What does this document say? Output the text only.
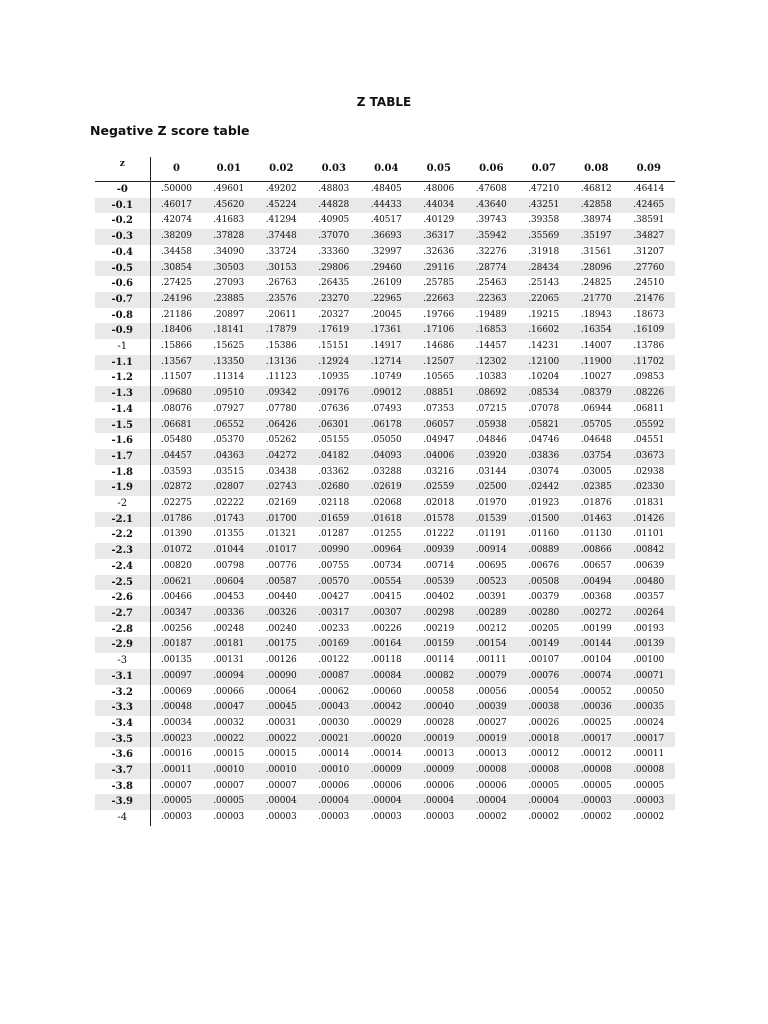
Z TABLE
Negative Z score table
z	0	0.01	0.02	0.03	0.04	0.05	0.06	0.07	0.08	0.09
-0	.50000	.49601	.49202	.48803	.48405	.48006	.47608	.47210	.46812	.46414
-0.1	.46017	.45620	.45224	.44828	.44433	.44034	.43640	.43251	.42858	.42465
-0.2	.42074	.41683	.41294	.40905	.40517	.40129	.39743	.39358	.38974	.38591
-0.3	.38209	.37828	.37448	.37070	.36693	.36317	.35942	.35569	.35197	.34827
-0.4	.34458	.34090	.33724	.33360	.32997	.32636	.32276	.31918	.31561	.31207
-0.5	.30854	.30503	.30153	.29806	.29460	.29116	.28774	.28434	.28096	.27760
-0.6	.27425	.27093	.26763	.26435	.26109	.25785	.25463	.25143	.24825	.24510
-0.7	.24196	.23885	.23576	.23270	.22965	.22663	.22363	.22065	.21770	.21476
-0.8	.21186	.20897	.20611	.20327	.20045	.19766	.19489	.19215	.18943	.18673
-0.9	.18406	.18141	.17879	.17619	.17361	.17106	.16853	.16602	.16354	.16109
-1	.15866	.15625	.15386	.15151	.14917	.14686	.14457	.14231	.14007	.13786
-1.1	.13567	.13350	.13136	.12924	.12714	.12507	.12302	.12100	.11900	.11702
-1.2	.11507	.11314	.11123	.10935	.10749	.10565	.10383	.10204	.10027	.09853
-1.3	.09680	.09510	.09342	.09176	.09012	.08851	.08692	.08534	.08379	.08226
-1.4	.08076	.07927	.07780	.07636	.07493	.07353	.07215	.07078	.06944	.06811
-1.5	.06681	.06552	.06426	.06301	.06178	.06057	.05938	.05821	.05705	.05592
-1.6	.05480	.05370	.05262	.05155	.05050	.04947	.04846	.04746	.04648	.04551
-1.7	.04457	.04363	.04272	.04182	.04093	.04006	.03920	.03836	.03754	.03673
-1.8	.03593	.03515	.03438	.03362	.03288	.03216	.03144	.03074	.03005	.02938
-1.9	.02872	.02807	.02743	.02680	.02619	.02559	.02500	.02442	.02385	.02330
-2	.02275	.02222	.02169	.02118	.02068	.02018	.01970	.01923	.01876	.01831
-2.1	.01786	.01743	.01700	.01659	.01618	.01578	.01539	.01500	.01463	.01426
-2.2	.01390	.01355	.01321	.01287	.01255	.01222	.01191	.01160	.01130	.01101
-2.3	.01072	.01044	.01017	.00990	.00964	.00939	.00914	.00889	.00866	.00842
-2.4	.00820	.00798	.00776	.00755	.00734	.00714	.00695	.00676	.00657	.00639
-2.5	.00621	.00604	.00587	.00570	.00554	.00539	.00523	.00508	.00494	.00480
-2.6	.00466	.00453	.00440	.00427	.00415	.00402	.00391	.00379	.00368	.00357
-2.7	.00347	.00336	.00326	.00317	.00307	.00298	.00289	.00280	.00272	.00264
-2.8	.00256	.00248	.00240	.00233	.00226	.00219	.00212	.00205	.00199	.00193
-2.9	.00187	.00181	.00175	.00169	.00164	.00159	.00154	.00149	.00144	.00139
-3	.00135	.00131	.00126	.00122	.00118	.00114	.00111	.00107	.00104	.00100
-3.1	.00097	.00094	.00090	.00087	.00084	.00082	.00079	.00076	.00074	.00071
-3.2	.00069	.00066	.00064	.00062	.00060	.00058	.00056	.00054	.00052	.00050
-3.3	.00048	.00047	.00045	.00043	.00042	.00040	.00039	.00038	.00036	.00035
-3.4	.00034	.00032	.00031	.00030	.00029	.00028	.00027	.00026	.00025	.00024
-3.5	.00023	.00022	.00022	.00021	.00020	.00019	.00019	.00018	.00017	.00017
-3.6	.00016	.00015	.00015	.00014	.00014	.00013	.00013	.00012	.00012	.00011
-3.7	.00011	.00010	.00010	.00010	.00009	.00009	.00008	.00008	.00008	.00008
-3.8	.00007	.00007	.00007	.00006	.00006	.00006	.00006	.00005	.00005	.00005
-3.9	.00005	.00005	.00004	.00004	.00004	.00004	.00004	.00004	.00003	.00003
-4	.00003	.00003	.00003	.00003	.00003	.00003	.00002	.00002	.00002	.00002
